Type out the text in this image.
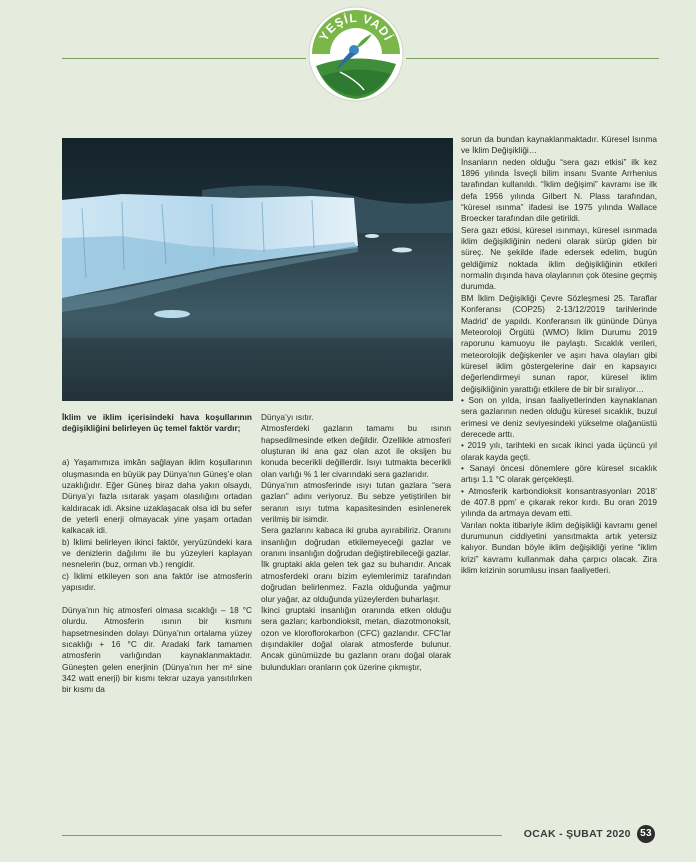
YEŞİL VADİ

İklim ve iklim içerisindeki hava koşullarının değişikliğini belirleyen üç temel faktör vardır;

a) Yaşamımıza imkân sağlayan iklim koşullarının oluşmasında en büyük pay Dünya’nın Güneş’e olan uzaklığıdır. Eğer Güneş biraz daha yakın olsaydı, Dünya’yı fazla ısıtarak yaşam olasılığını ortadan kaldıracak idi. Aksine uzaklaşacak olsa idi bu sefer de yeterli enerji olmayacak yine yaşam ortadan kalkacak idi.

b) İklimi belirleyen ikinci faktör, yeryüzündeki kara ve denizlerin dağılımı ile bu yüzeyleri kaplayan nesnelerin (buz, orman vb.) rengidir.

c) İklimi etkileyen son ana faktör ise atmosferin yapısıdır.

Dünya’nın hiç atmosferi olmasa sıcaklığı – 18 °C olurdu. Atmosferin ısının bir kısmını hapsetmesinden dolayı Dünya’nın ortalama yüzey sıcaklığı + 16 °C dir. Aradaki fark tamamen atmosferin varlığından kaynaklanmaktadır. Güneşten gelen enerjinin (Dünya’nın her m² sine 342 watt enerji) bir kısmı tekrar uzaya yansıtılırken bir kısmı da

Dünya’yı ısıtır.

Atmosferdeki gazların tamamı bu ısının hapsedilmesinde etken değildir. Özellikle atmosferi oluşturan iki ana gaz olan azot ile oksijen bu konuda becerikli değillerdir. Isıyı tutmakta becerikli olan varlığı % 1 ler civarındaki sera gazlarıdır.

Dünya’nın atmosferinde ısıyı tutan gazlara “sera gazları” adını veriyoruz. Bu sebze yetiştirilen bir seranın ısıyı tutma kapasitesinden esinlenerek verilmiş bir isimdir.

Sera gazlarını kabaca iki gruba ayırabiliriz. Oranını insanlığın doğrudan etkilemeyeceği gazlar ve oranını insanlığın doğrudan değiştirebileceği gazlar.

İlk gruptaki akla gelen tek gaz su buharıdır. Ancak atmosferdeki oranı bizim eylemlerimiz tarafından doğrudan belirlenmez. Fazla olduğunda yağmur olur yağar, az olduğunda yüzeylerden buharlaşır.

İkinci gruptaki insanlığın oranında etken olduğu sera gazları; karbondioksit, metan, diazotmonoksit, ozon ve kloroflorokarbon (CFC) gazlarıdır. CFC’lar dışındakiler doğal olarak atmosferde bulunur. Ancak günümüzde bu gazların oranı doğal olarak bulundukları oranların çok üzerine çıkmıştır,

sorun da bundan kaynaklanmaktadır. Küresel Isınma ve İklim Değişikliği…

İnsanların neden olduğu “sera gazı etkisi” ilk kez 1896 yılında İsveçli bilim insanı Svante Arrhenius tarafından kullanıldı. “İklim değişimi” kavramı ise ilk defa 1956 yılında Gilbert N. Plass tarafından, “küresel ısınma” ifadesi ise 1975 yılında Wallace Broecker tarafından dile getirildi.

Sera gazı etkisi, küresel ısınmayı, küresel ısınmada iklim değişikliğinin nedeni olarak sürüp giden bir süreç. Ne şekilde ifade edersek edelim, bugün geldiğimiz noktada iklim değişikliğinin etkileri normalin dışında hava olaylarının çok ötesine geçmiş durumda.

BM İklim Değişikliği Çevre Sözleşmesi 25. Taraflar Konferansı (COP25) 2-13/12/2019 tarihlerinde Madrid’ de yapıldı. Konferansın ilk gününde Dünya Meteoroloji Örgütü (WMO) İklim Durumu 2019 raporunu kamuoyu ile paylaştı. Sıcaklık verileri, meteorolojik değişkenler ve aşırı hava olayları gibi küresel iklim göstergelerine dair en kapsayıcı değerlendirmeyi sunan rapor, küresel iklim değişikliğinin yarattığı etkilere de bir bir sıralıyor…

• Son on yılda, insan faaliyetlerinden kaynaklanan sera gazlarının neden olduğu küresel sıcaklık, buzul erimesi ve deniz seviyesindeki yükselme olağanüstü derecede arttı.

• 2019 yılı, tarihteki en sıcak ikinci yada üçüncü yıl olarak kayda geçti.

• Sanayi öncesi dönemlere göre küresel sıcaklık artışı 1.1 °C olarak gerçekleşti.

• Atmosferik karbondioksit konsantrasyonları 2018’ de 407.8 ppm’ e çıkarak rekor kırdı. Bu oran 2019 yılında da artmaya devam etti.

Varılan nokta itibariyle iklim değişikliği kavramı genel durumunun ciddiyetini yansıtmakta artık yetersiz kalıyor. Bundan böyle iklim değişikliği yerine “iklim krizi” kavramı kullanmak daha çarpıcı olacak. Zira iklim krizinin sorumlusu insan faaliyetleri.

OCAK - ŞUBAT 2020 53
